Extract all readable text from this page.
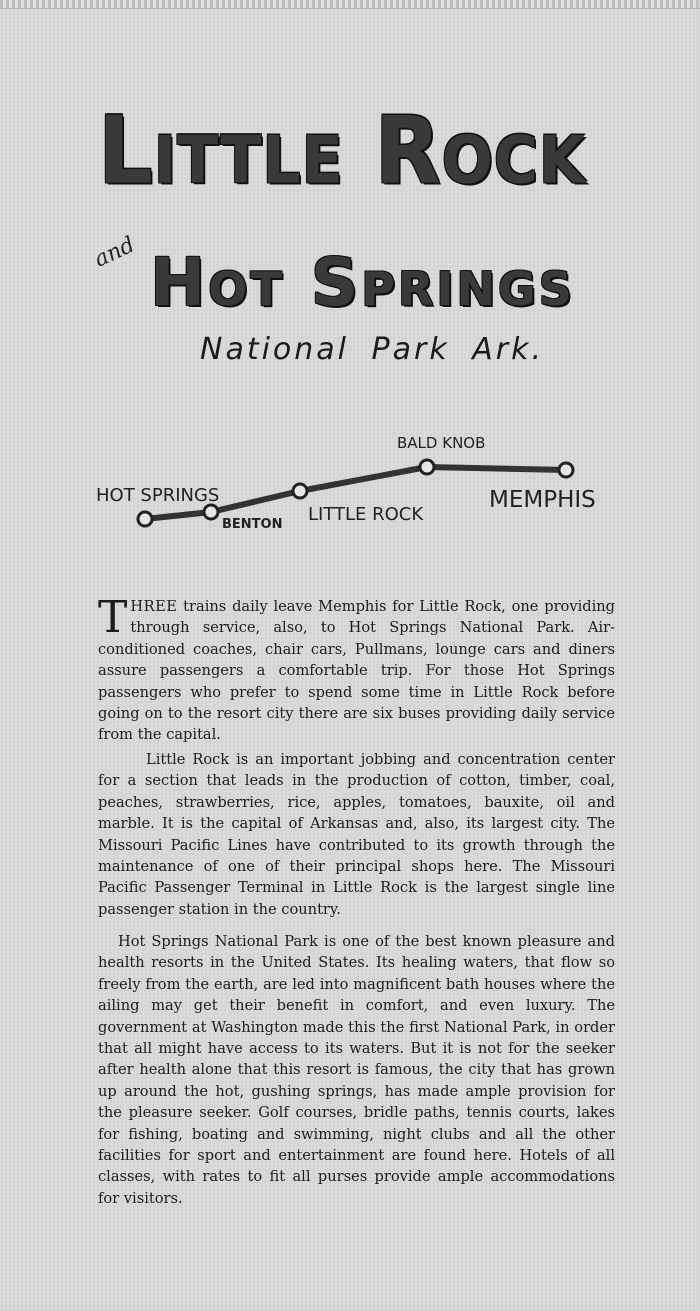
Little Rock
and Hot Springs
National Park Ark.
HOT SPRINGS
BENTON LITTLE ROCK
BALD KNOB
MEMPHIS
THREE trains daily leave Memphis for Little Rock, one providing through service, also, to Hot Springs National Park. Air-conditioned coaches, chair cars, Pullmans, lounge cars and diners assure passengers a comfortable trip. For those Hot Springs passengers who prefer to spend some time in Little Rock before going on to the resort city there are six buses providing daily service from the capital.
Little Rock is an important jobbing and concentration center for a section that leads in the production of cotton, timber, coal, peaches, strawberries, rice, apples, tomatoes, bauxite, oil and marble. It is the capital of Arkansas and, also, its largest city. The Missouri Pacific Lines have contributed to its growth through the maintenance of one of their principal shops here. The Missouri Pacific Passenger Terminal in Little Rock is the largest single line passenger station in the country.
Hot Springs National Park is one of the best known pleasure and health resorts in the United States. Its healing waters, that flow so freely from the earth, are led into magnificent bath houses where the ailing may get their benefit in comfort, and even luxury. The government at Washington made this the first National Park, in order that all might have access to its waters. But it is not for the seeker after health alone that this resort is famous, the city that has grown up around the hot, gushing springs, has made ample provision for the pleasure seeker. Golf courses, bridle paths, tennis courts, lakes for fishing, boating and swimming, night clubs and all the other facilities for sport and entertainment are found here. Hotels of all classes, with rates to fit all purses provide ample accommodations for visitors.
